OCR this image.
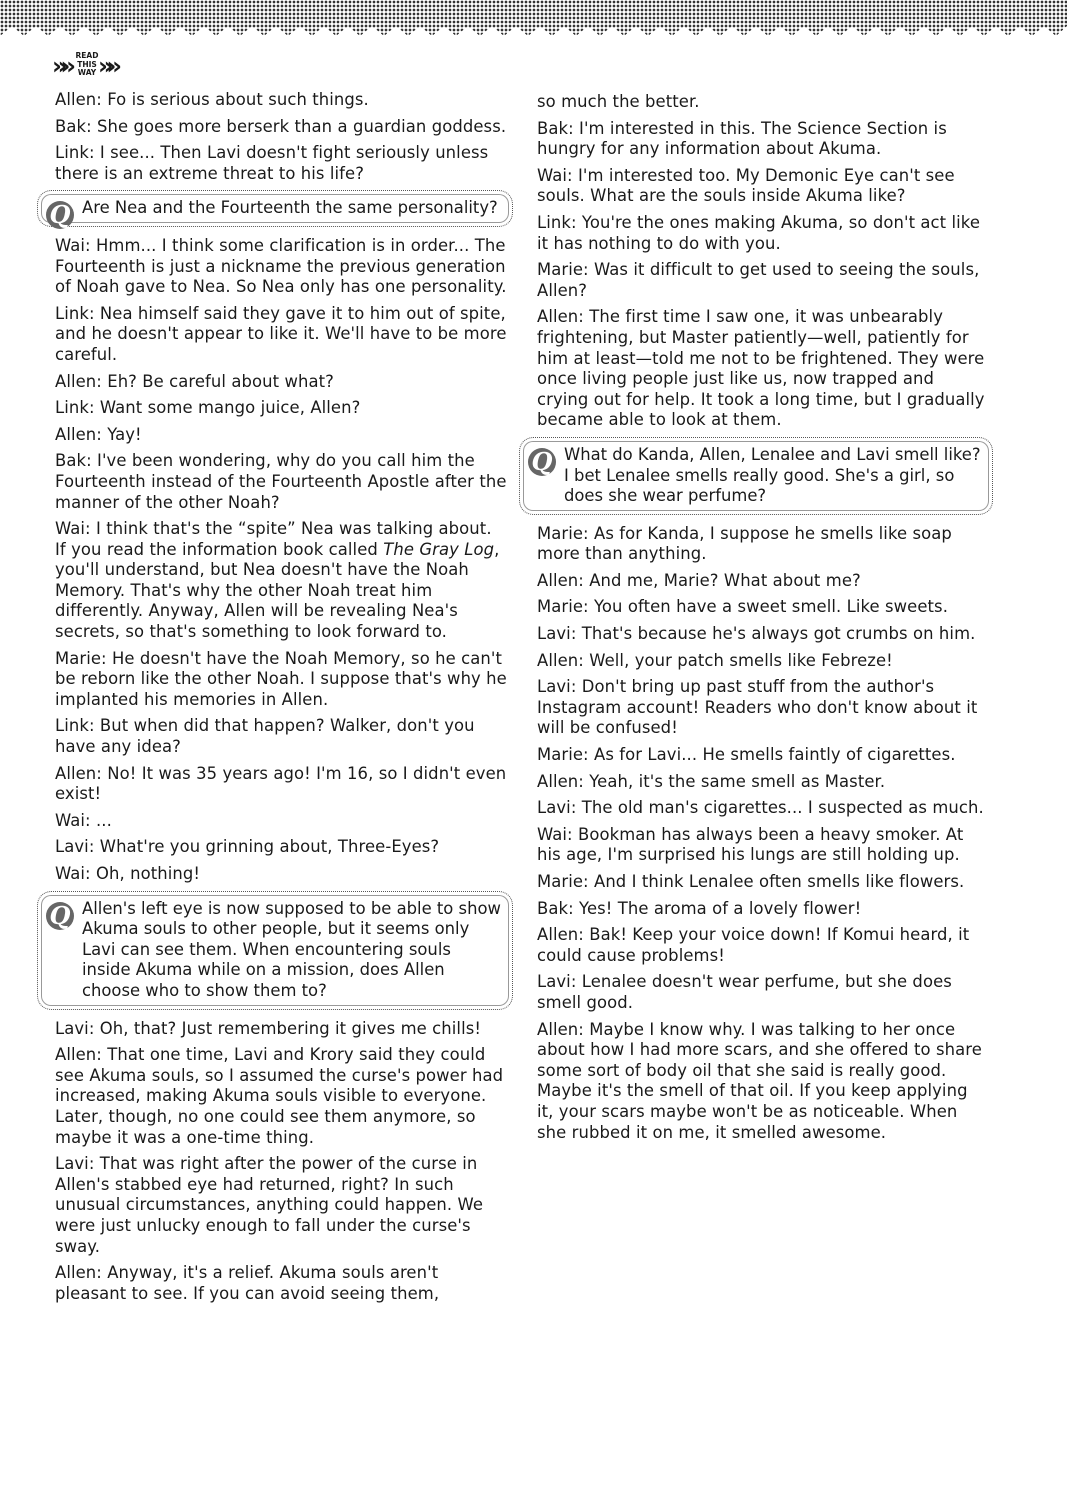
»» READ
THIS
WAY »»

Allen: Fo is serious about such things.

Bak: She goes more berserk than a guardian goddess.

Link: I see... Then Lavi doesn't fight seriously unless there is an extreme threat to his life?

Q Are Nea and the Fourteenth the same personality?

Wai: Hmm... I think some clarification is in order... The Fourteenth is just a nickname the previous generation of Noah gave to Nea. So Nea only has one personality.

Link: Nea himself said they gave it to him out of spite, and he doesn't appear to like it. We'll have to be more careful.

Allen: Eh? Be careful about what?

Link: Want some mango juice, Allen?

Allen: Yay!

Bak: I've been wondering, why do you call him the Fourteenth instead of the Fourteenth Apostle after the manner of the other Noah?

Wai: I think that's the “spite” Nea was talking about. If you read the information book called The Gray Log, you'll understand, but Nea doesn't have the Noah Memory. That's why the other Noah treat him differently. Anyway, Allen will be revealing Nea's secrets, so that's something to look forward to.

Marie: He doesn't have the Noah Memory, so he can't be reborn like the other Noah. I suppose that's why he implanted his memories in Allen.

Link: But when did that happen? Walker, don't you have any idea?

Allen: No! It was 35 years ago! I'm 16, so I didn't even exist!

Wai: ...

Lavi: What're you grinning about, Three-Eyes?

Wai: Oh, nothing!

Q Allen's left eye is now supposed to be able to show Akuma souls to other people, but it seems only Lavi can see them. When encountering souls inside Akuma while on a mission, does Allen choose who to show them to?

Lavi: Oh, that? Just remembering it gives me chills!

Allen: That one time, Lavi and Krory said they could see Akuma souls, so I assumed the curse's power had increased, making Akuma souls visible to everyone. Later, though, no one could see them anymore, so maybe it was a one-time thing.

Lavi: That was right after the power of the curse in Allen's stabbed eye had returned, right? In such unusual circumstances, anything could happen. We were just unlucky enough to fall under the curse's sway.

Allen: Anyway, it's a relief. Akuma souls aren't pleasant to see. If you can avoid seeing them,

so much the better.

Bak: I'm interested in this. The Science Section is hungry for any information about Akuma.

Wai: I'm interested too. My Demonic Eye can't see souls. What are the souls inside Akuma like?

Link: You're the ones making Akuma, so don't act like it has nothing to do with you.

Marie: Was it difficult to get used to seeing the souls, Allen?

Allen: The first time I saw one, it was unbearably frightening, but Master patiently—well, patiently for him at least—told me not to be frightened. They were once living people just like us, now trapped and crying out for help. It took a long time, but I gradually became able to look at them.

Q What do Kanda, Allen, Lenalee and Lavi smell like? I bet Lenalee smells really good. She's a girl, so does she wear perfume?

Marie: As for Kanda, I suppose he smells like soap more than anything.

Allen: And me, Marie? What about me?

Marie: You often have a sweet smell. Like sweets.

Lavi: That's because he's always got crumbs on him.

Allen: Well, your patch smells like Febreze!

Lavi: Don't bring up past stuff from the author's Instagram account! Readers who don't know about it will be confused!

Marie: As for Lavi... He smells faintly of cigarettes.

Allen: Yeah, it's the same smell as Master.

Lavi: The old man's cigarettes... I suspected as much.

Wai: Bookman has always been a heavy smoker. At his age, I'm surprised his lungs are still holding up.

Marie: And I think Lenalee often smells like flowers.

Bak: Yes! The aroma of a lovely flower!

Allen: Bak! Keep your voice down! If Komui heard, it could cause problems!

Lavi: Lenalee doesn't wear perfume, but she does smell good.

Allen: Maybe I know why. I was talking to her once about how I had more scars, and she offered to share some sort of body oil that she said is really good. Maybe it's the smell of that oil. If you keep applying it, your scars maybe won't be as noticeable. When she rubbed it on me, it smelled awesome.
